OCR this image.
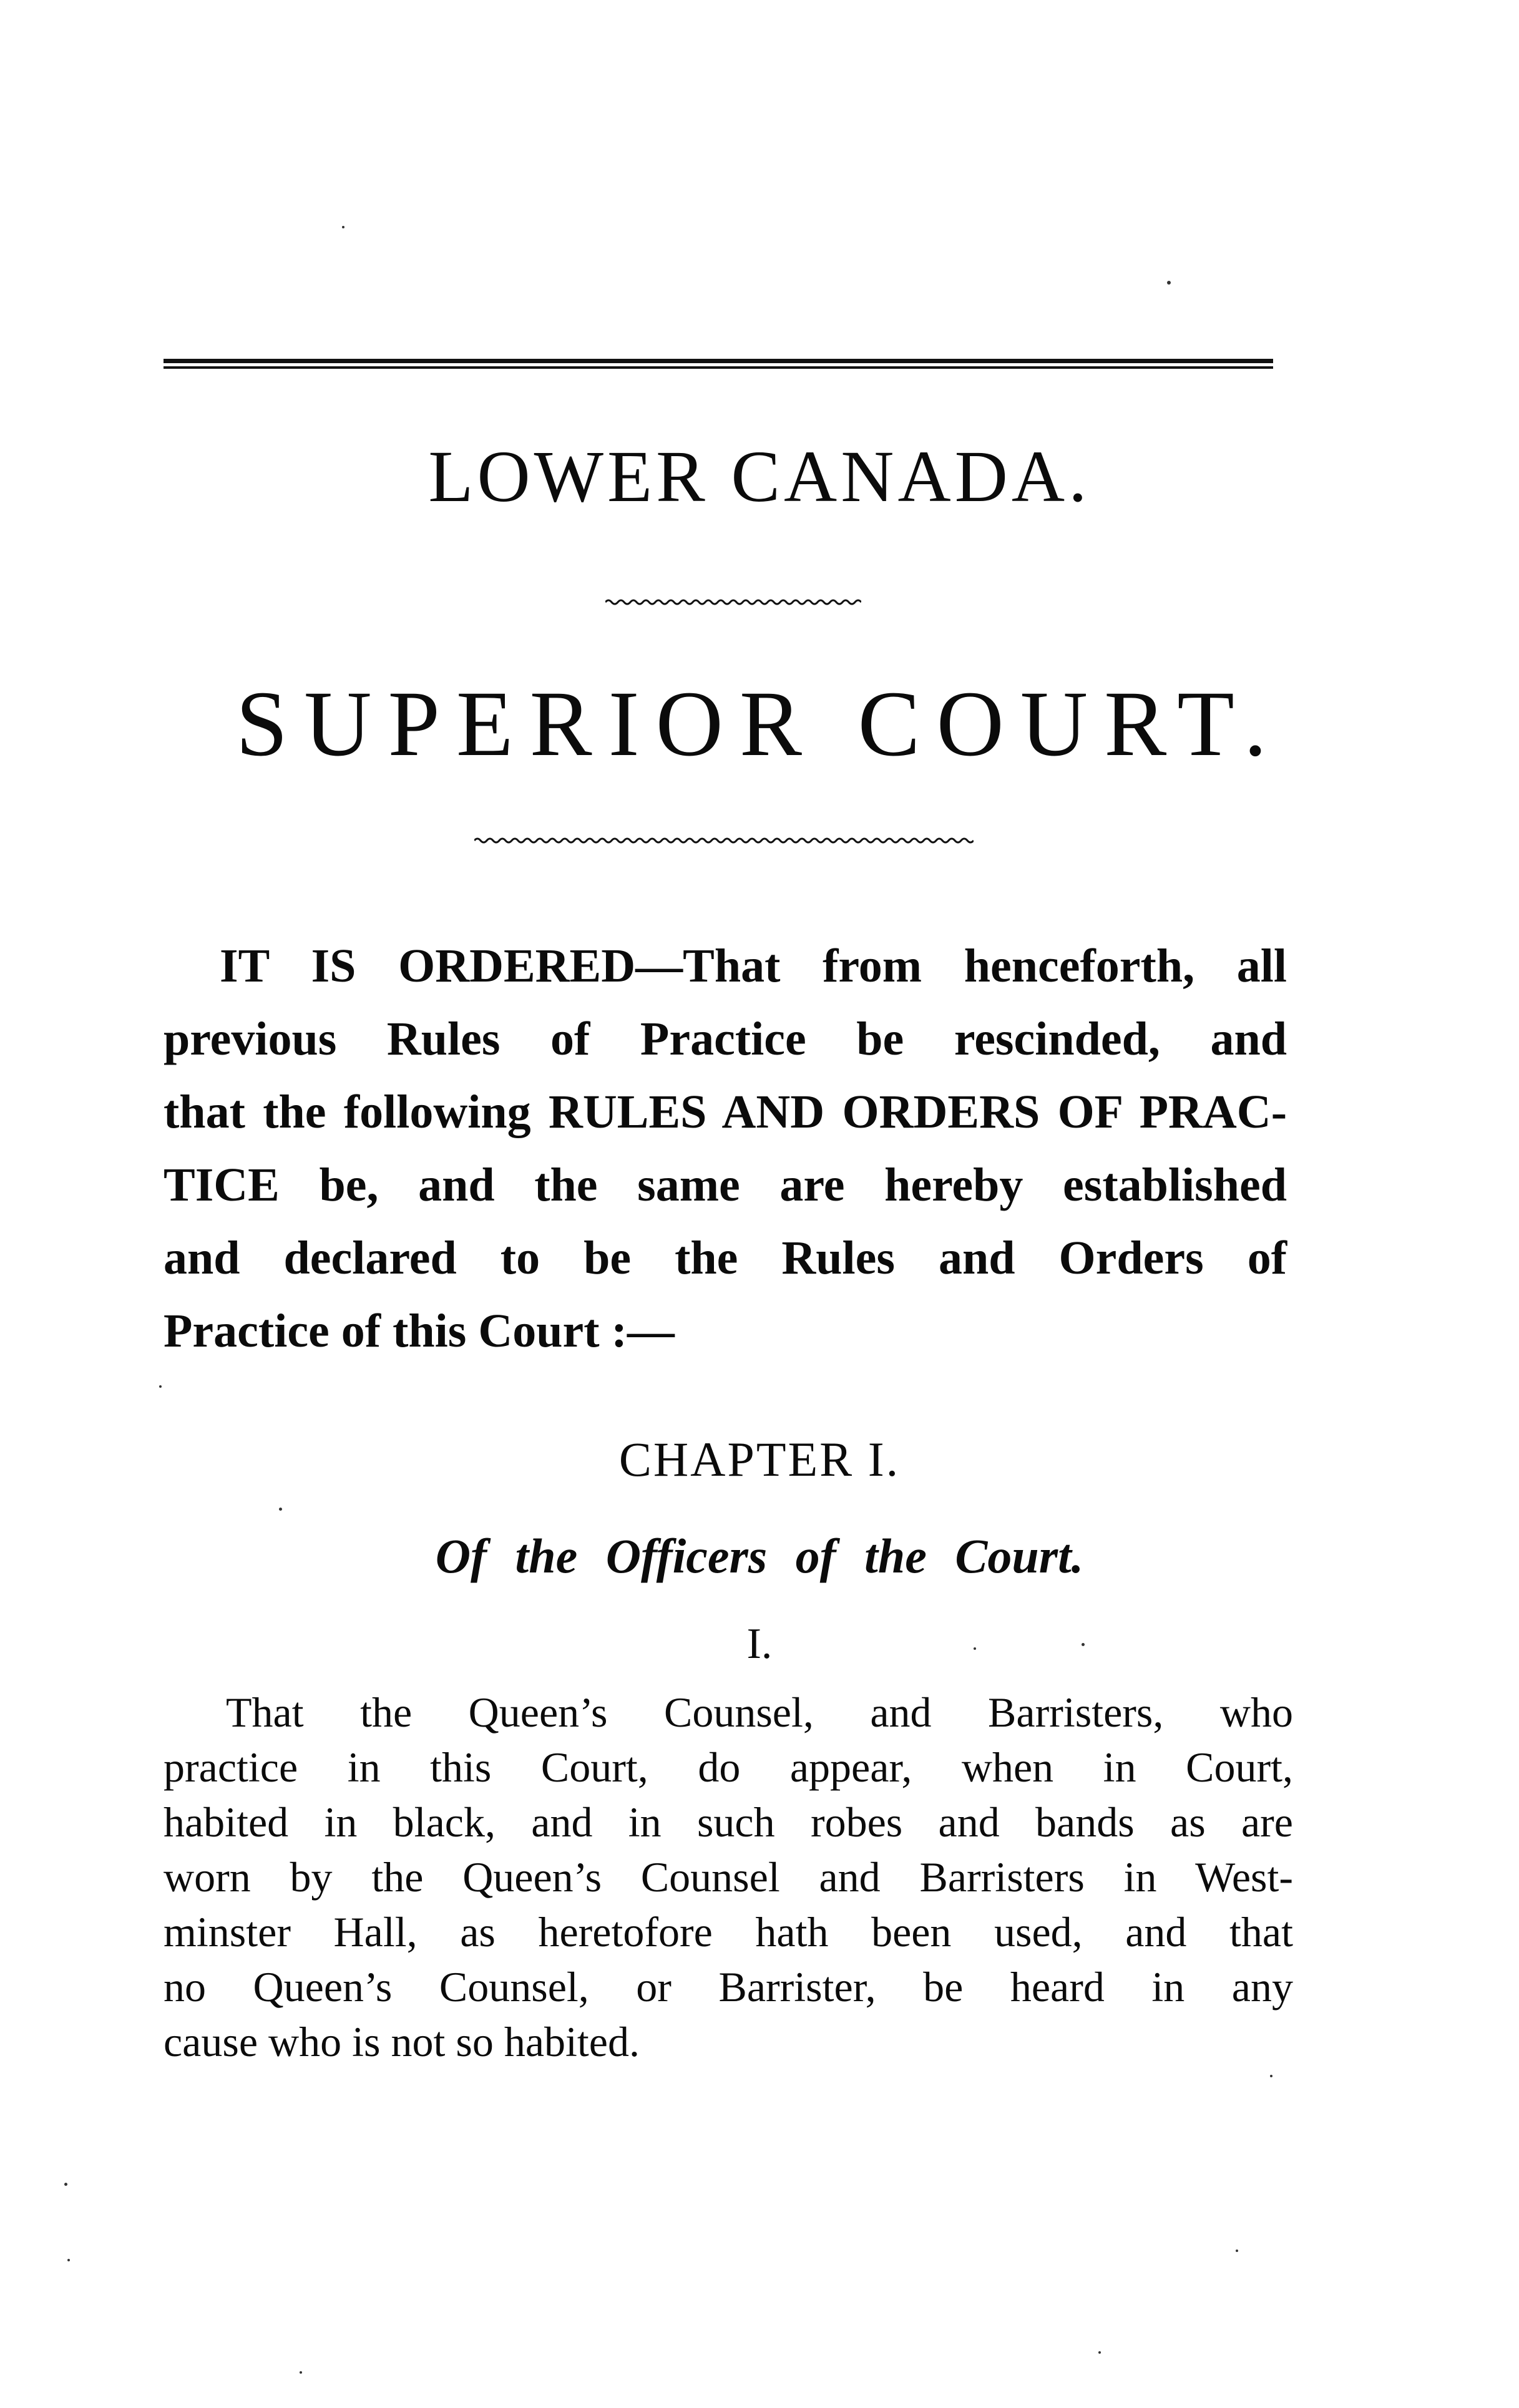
LOWER CANADA.
SUPERIOR COURT.
IT IS ORDERED—That from henceforth, all
previous Rules of Practice be rescinded, and
that the following RULES AND ORDERS OF PRAC-
TICE be, and the same are hereby established
and declared to be the Rules and Orders of
Practice of this Court :—
CHAPTER I.
Of the Officers of the Court.
I.
That the Queen’s Counsel, and Barristers, who
practice in this Court, do appear, when in Court,
habited in black, and in such robes and bands as are
worn by the Queen’s Counsel and Barristers in West-
minster Hall, as heretofore hath been used, and that
no Queen’s Counsel, or Barrister, be heard in any
cause who is not so habited.
